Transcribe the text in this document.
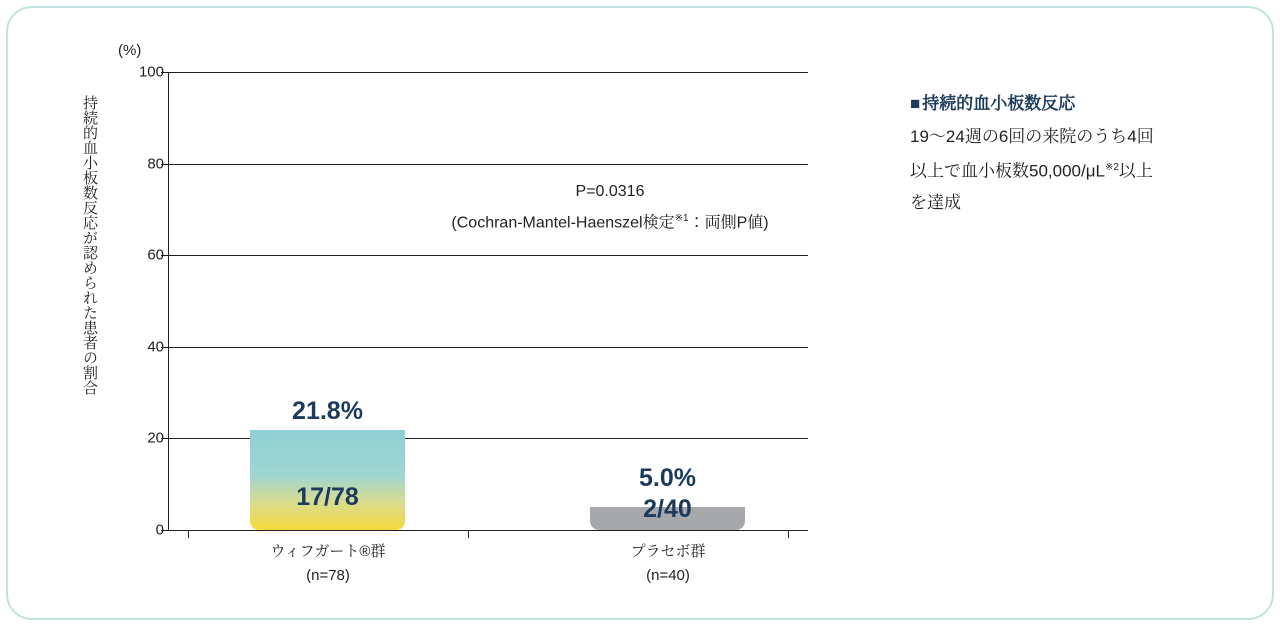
(%)
持続的血小板数反応が認められた患者の割合
100
80
60
40
20
0
21.8%
17/78
5.0%
2/40
ウィフガート®群
(n=78)
プラセボ群
(n=40)
P=0.0316
(Cochran-Mantel-Haenszel検定$^{※1}$：両側P値)
■ 持続的血小板数反応
19〜24週の6回の来院のうち4回
以上で血小板数$50,000/\mu L^{※2}$以上
を達成
